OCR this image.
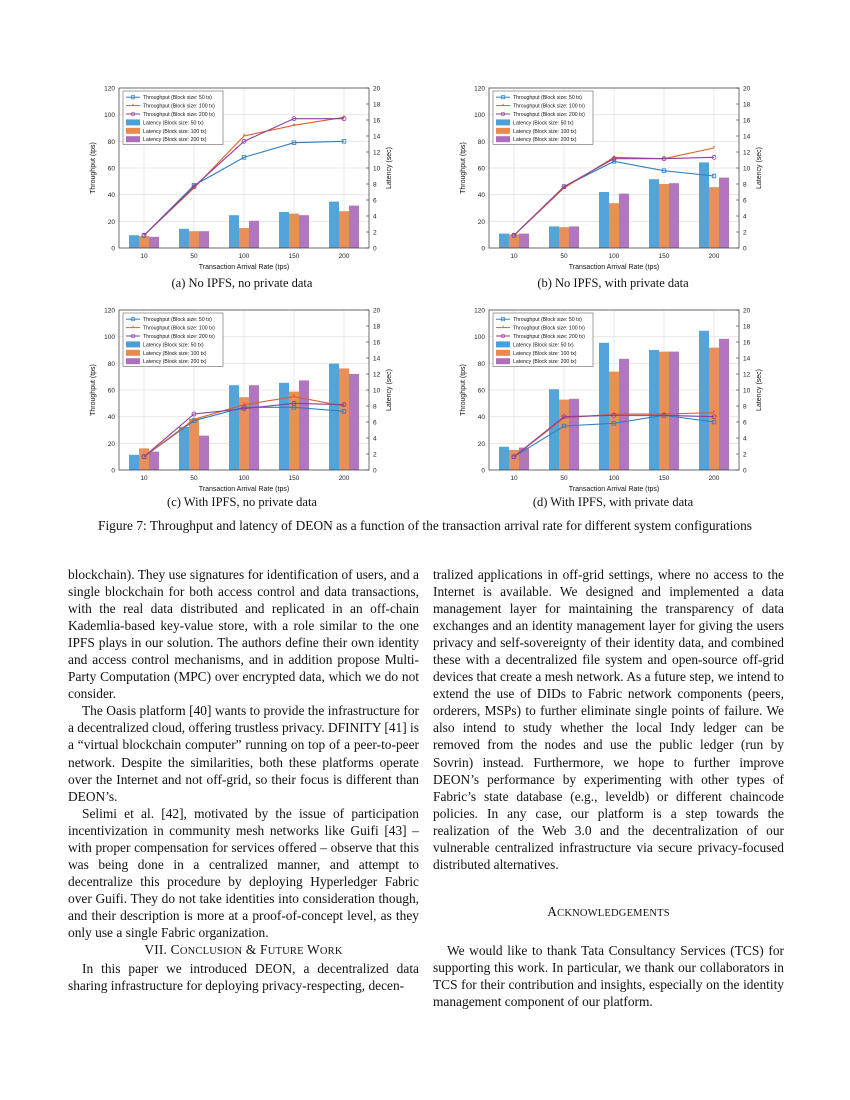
0
20
40
60
80
100
120
0
2
4
6
8
10
12
14
16
18
20
10	50	100	150	200
*
*
*
*
*
Transaction Arrival Rate (tps)
Throughput (tps)	Latency (sec)
Throughput (Block size: 50 tx)
* Throughput (Block size: 100 tx)
Throughput (Block size: 200 tx)
Latency (Block size: 50 tx)
Latency (Block size: 100 tx)
Latency (Block size: 200 tx)
(a) No IPFS, no private data
0
20
40
60
80
100
120
0
2
4
6
8
10
12
14
16
18
20
10	50	100	150	200
*
*
*	*
*
Transaction Arrival Rate (tps)
Throughput (tps)	Latency (sec)
Throughput (Block size: 50 tx)
* Throughput (Block size: 100 tx)
Throughput (Block size: 200 tx)
Latency (Block size: 50 tx)
Latency (Block size: 100 tx)
Latency (Block size: 200 tx)
(b) No IPFS, with private data
0
20
40
60
80
100
120
0
2
4
6
8
10
12
14
16
18
20
10	50	100	150	200
*
*
*
*
*
Transaction Arrival Rate (tps)
Throughput (tps)	Latency (sec)
Throughput (Block size: 50 tx)
* Throughput (Block size: 100 tx)
Throughput (Block size: 200 tx)
Latency (Block size: 50 tx)
Latency (Block size: 100 tx)
Latency (Block size: 200 tx)
(c) With IPFS, no private data
0
20
40
60
80
100
120
0
2
4
6
8
10
12
14
16
18
20
10	50	100	150	200
*
*
*	*	*
Transaction Arrival Rate (tps)
Throughput (tps)	Latency (sec)
Throughput (Block size: 50 tx)
* Throughput (Block size: 100 tx)
Throughput (Block size: 200 tx)
Latency (Block size: 50 tx)
Latency (Block size: 100 tx)
Latency (Block size: 200 tx)
(d) With IPFS, with private data
Figure 7: Throughput and latency of DEON as a function of the transaction arrival rate for different system configurations

blockchain). They use signatures for identification of users, and a single blockchain for both access control and data transactions, with the real data distributed and replicated in an off-chain Kademlia-based key-value store, with a role similar to the one IPFS plays in our solution. The authors define their own identity and access control mechanisms, and in addition propose Multi-Party Computation (MPC) over encrypted data, which we do not consider.

The Oasis platform [40] wants to provide the infrastructure for a decentralized cloud, offering trustless privacy. DFINITY [41] is a “virtual blockchain computer” running on top of a peer-to-peer network. Despite the similarities, both these platforms operate over the Internet and not off-grid, so their focus is different than DEON’s.

Selimi et al. [42], motivated by the issue of participation incentivization in community mesh networks like Guifi [43] – with proper compensation for services offered – observe that this was being done in a centralized manner, and attempt to decentralize this procedure by deploying Hyperledger Fabric over Guifi. They do not take identities into consideration though, and their description is more at a proof-of-concept level, as they only use a single Fabric organization.

VII. CONCLUSION & FUTURE WORK

In this paper we introduced DEON, a decentralized data sharing infrastructure for deploying privacy-respecting, decen-

tralized applications in off-grid settings, where no access to the Internet is available. We designed and implemented a data management layer for maintaining the transparency of data exchanges and an identity management layer for giving the users privacy and self-sovereignty of their identity data, and combined these with a decentralized file system and open-source off-grid devices that create a mesh network. As a future step, we intend to extend the use of DIDs to Fabric network components (peers, orderers, MSPs) to further eliminate single points of failure. We also intend to study whether the local Indy ledger can be removed from the nodes and use the public ledger (run by Sovrin) instead. Furthermore, we hope to further improve DEON’s performance by experimenting with other types of Fabric’s state database (e.g., leveldb) or different chaincode policies. In any case, our platform is a step towards the realization of the Web 3.0 and the decentralization of our vulnerable centralized infrastructure via secure privacy-focused distributed alternatives.

ACKNOWLEDGEMENTS

We would like to thank Tata Consultancy Services (TCS) for supporting this work. In particular, we thank our collaborators in TCS for their contribution and insights, especially on the identity management component of our platform.
